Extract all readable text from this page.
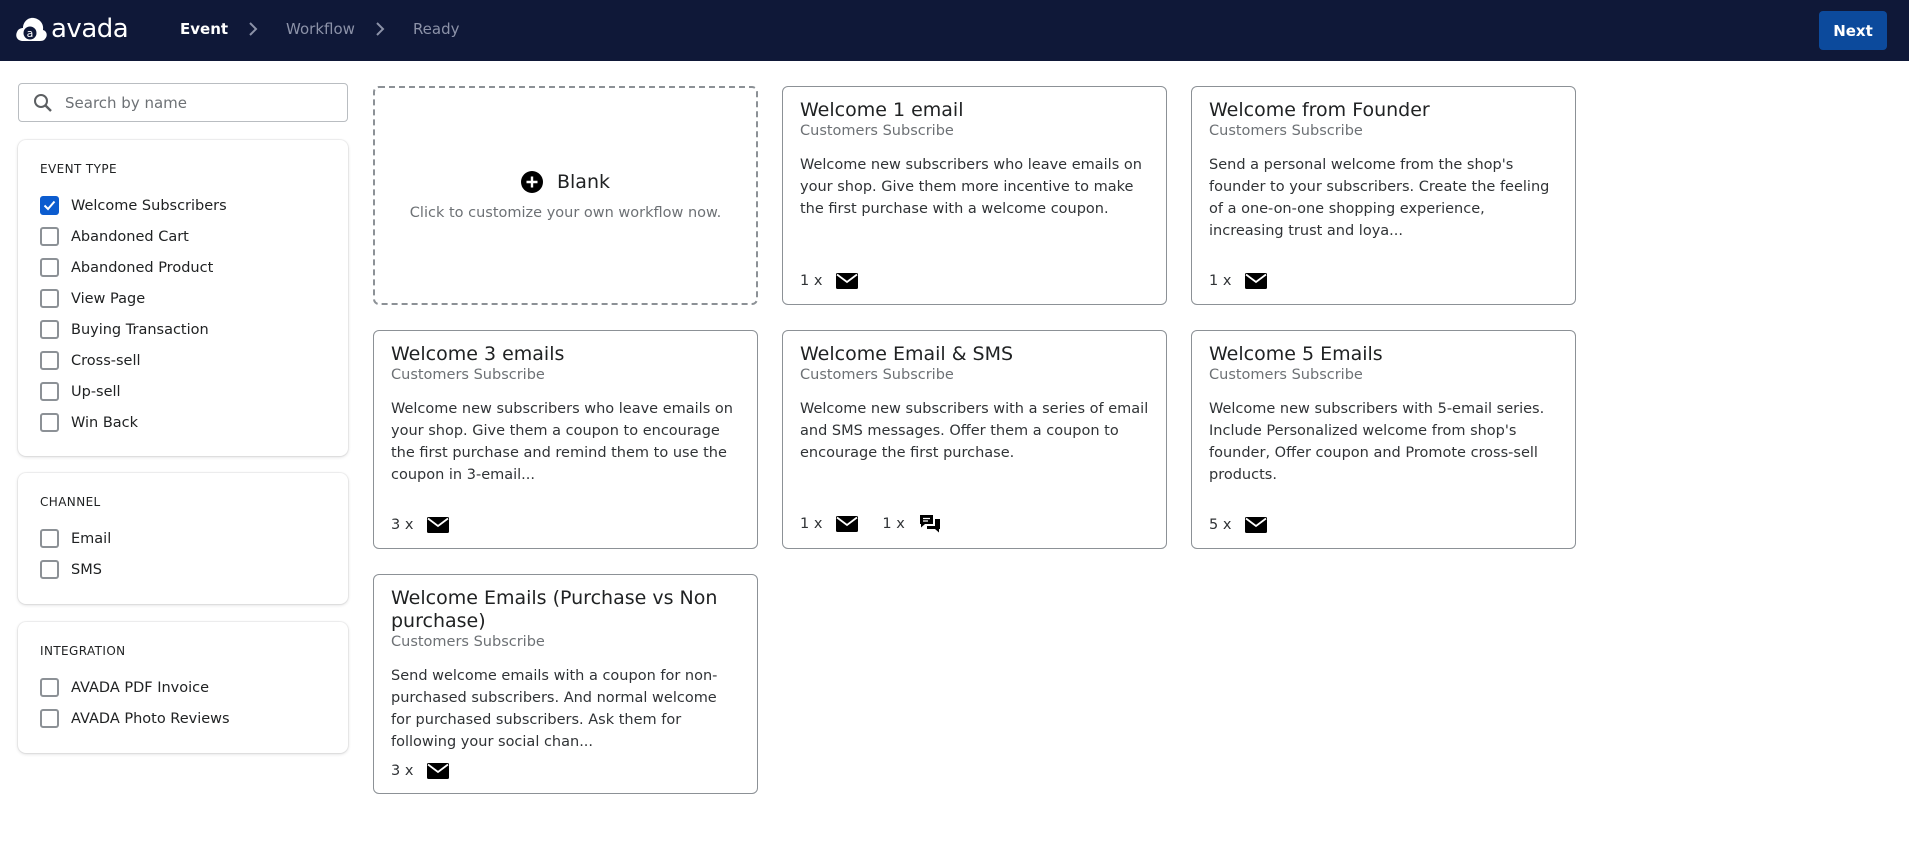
a avada	Event	Workflow	Ready	Next
Search by name
EVENT TYPE
Welcome Subscribers
Abandoned Cart
Abandoned Product
View Page
Buying Transaction
Cross-sell
Up-sell
Win Back
CHANNEL
Email
SMS
INTEGRATION
AVADA PDF Invoice
AVADA Photo Reviews
Blank
Click to customize your own workflow now.
Welcome 1 email
Customers Subscribe
Welcome new subscribers who leave emails on your shop. Give them more incentive to make the first purchase with a welcome coupon.
1 x
Welcome from Founder
Customers Subscribe
Send a personal welcome from the shop's founder to your subscribers. Create the feeling of a one-on-one shopping experience, increasing trust and loya...
1 x
Welcome 3 emails
Customers Subscribe
Welcome new subscribers who leave emails on your shop. Give them a coupon to encourage the first purchase and remind them to use the coupon in 3-email...
3 x
Welcome Email & SMS
Customers Subscribe
Welcome new subscribers with a series of email and SMS messages. Offer them a coupon to encourage the first purchase.
1 x	1 x
Welcome 5 Emails
Customers Subscribe
Welcome new subscribers with 5-email series. Include Personalized welcome from shop's founder, Offer coupon and Promote cross-sell products.
5 x
Welcome Emails (Purchase vs Non purchase)
Customers Subscribe
Send welcome emails with a coupon for non-purchased subscribers. And normal welcome for purchased subscribers. Ask them for following your social chan...
3 x
